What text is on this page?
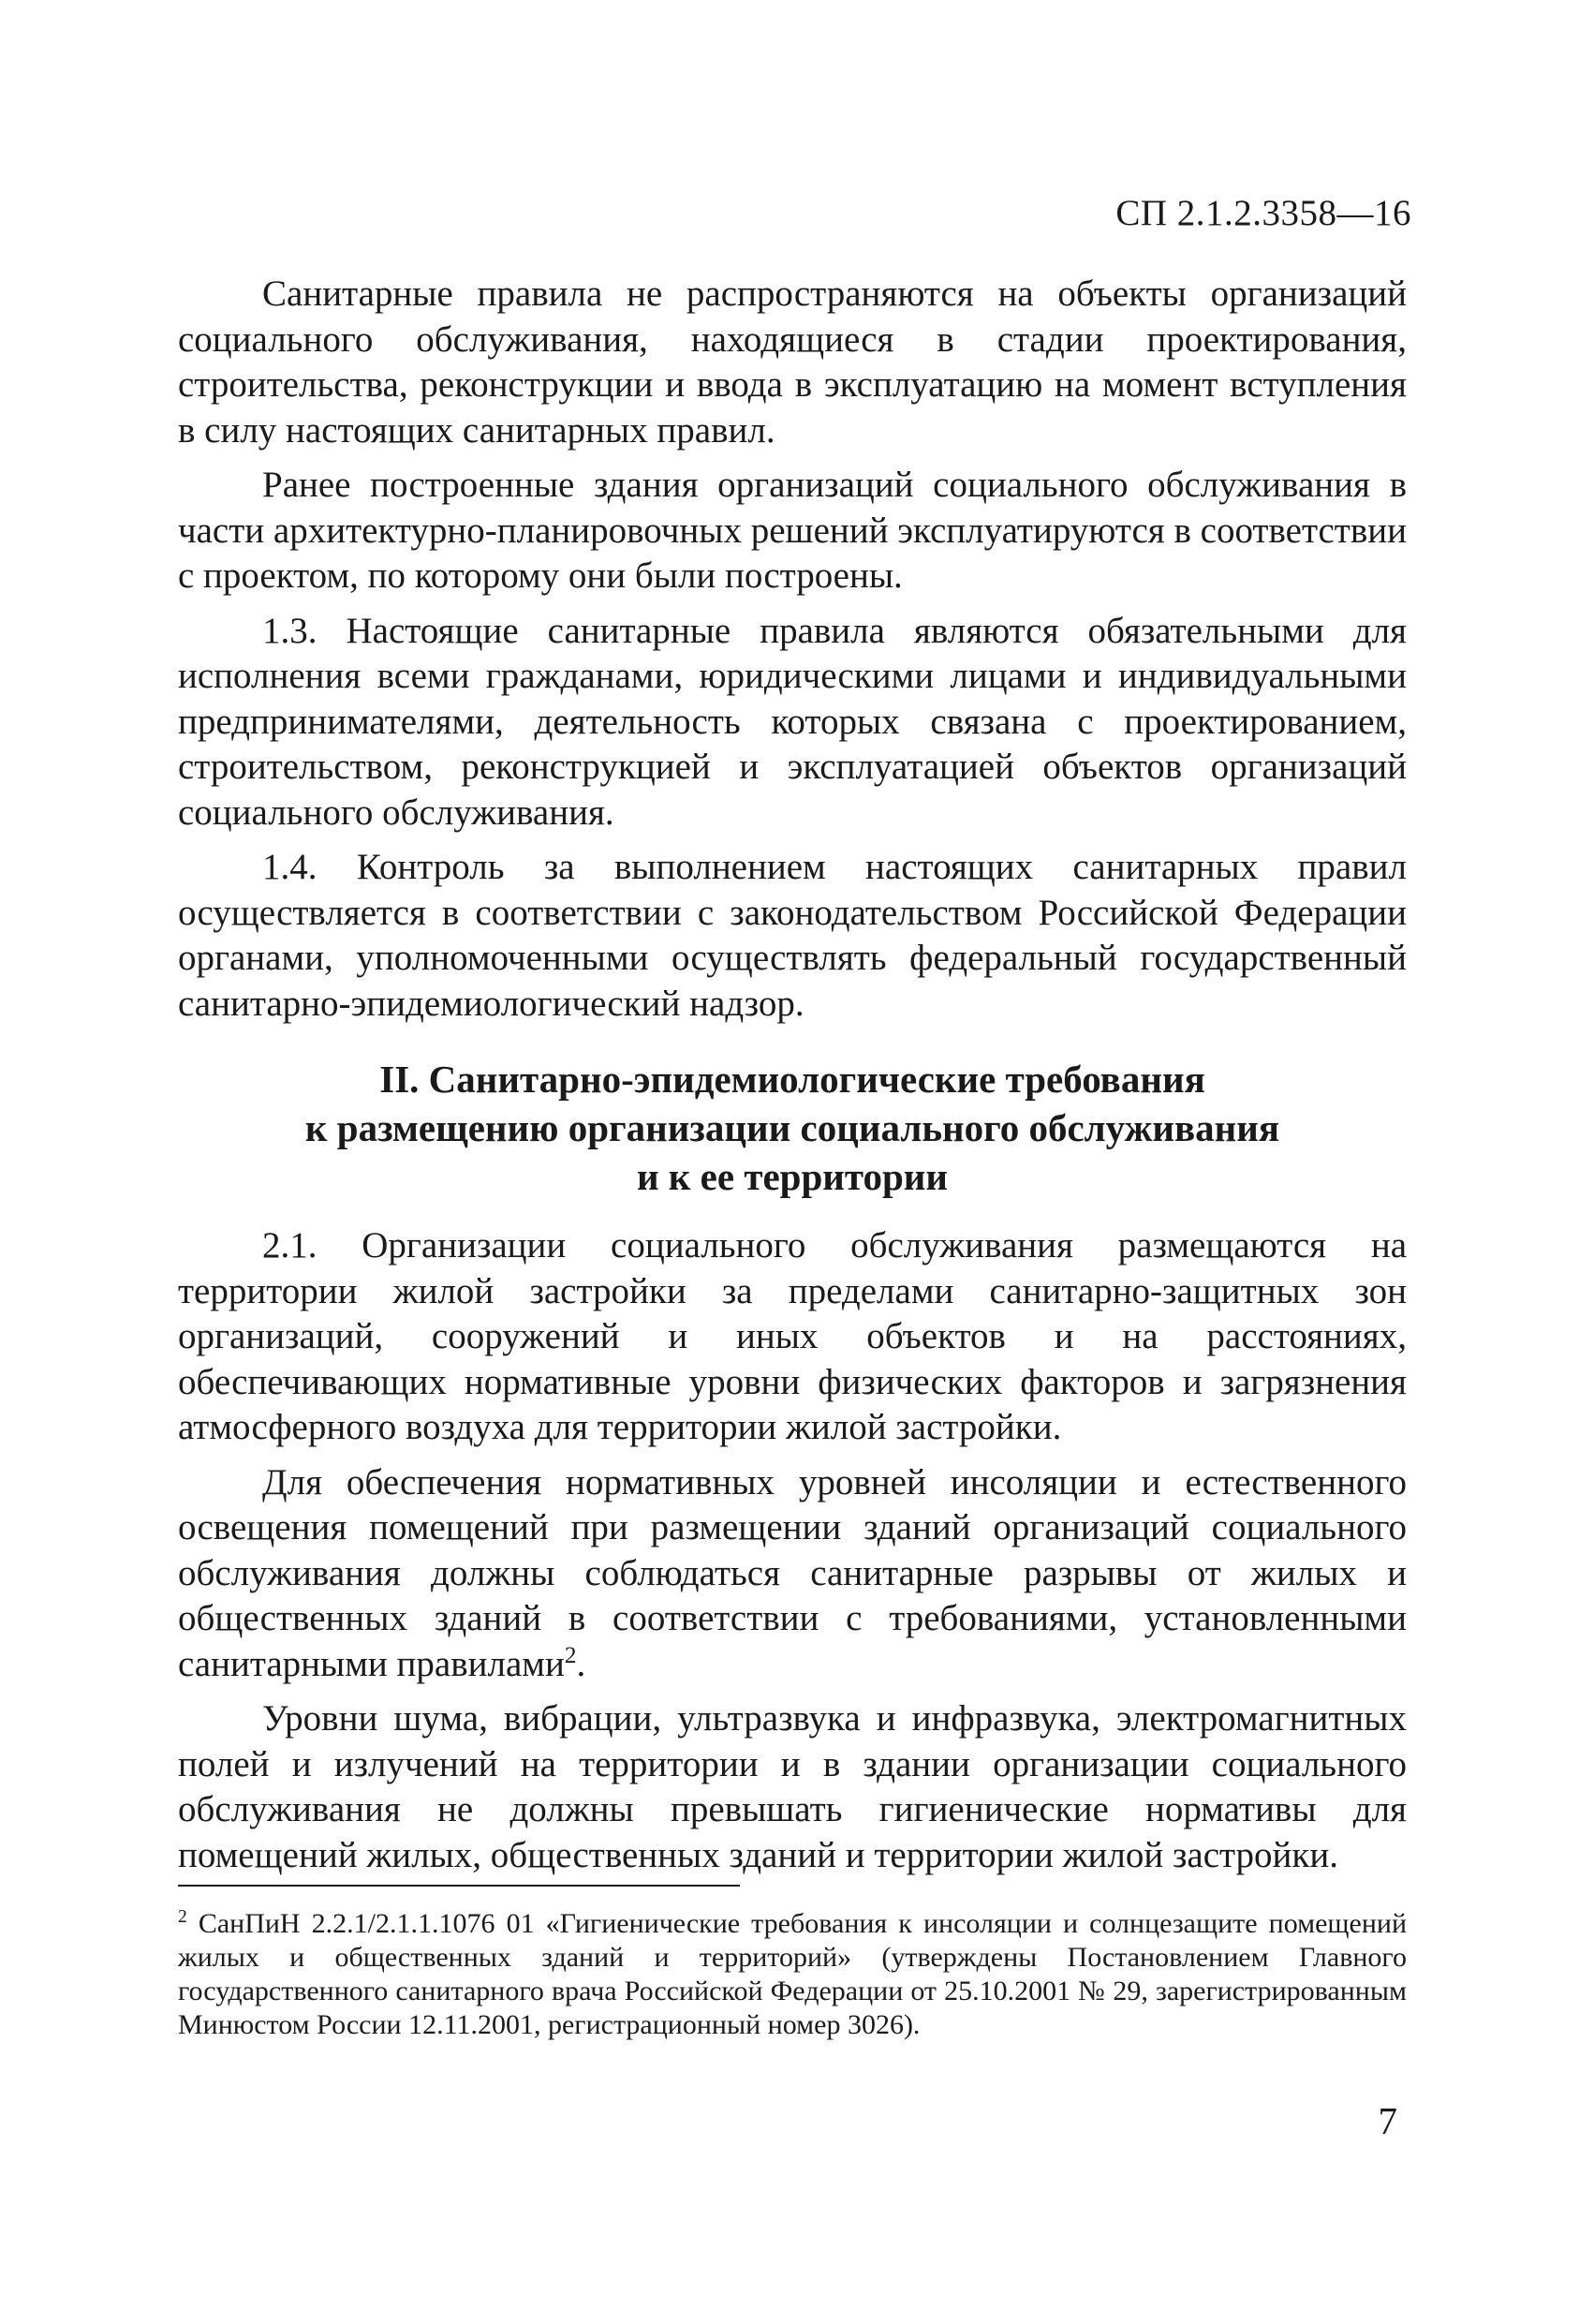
СП 2.1.2.3358—16

Санитарные правила не распространяются на объекты организаций социального обслуживания, находящиеся в стадии проектирования, строительства, реконструкции и ввода в эксплуатацию на момент вступления в силу настоящих санитарных правил.

Ранее построенные здания организаций социального обслуживания в части архитектурно-планировочных решений эксплуатируются в соответствии с проектом, по которому они были построены.

1.3. Настоящие санитарные правила являются обязательными для исполнения всеми гражданами, юридическими лицами и индивидуальными предпринимателями, деятельность которых связана с проектированием, строительством, реконструкцией и эксплуатацией объектов организаций социального обслуживания.

1.4. Контроль за выполнением настоящих санитарных правил осуществляется в соответствии с законодательством Российской Федерации органами, уполномоченными осуществлять федеральный государственный санитарно-эпидемиологический надзор.

II. Санитарно-эпидемиологические требования
к размещению организации социального обслуживания
и к ее территории

2.1. Организации социального обслуживания размещаются на территории жилой застройки за пределами санитарно-защитных зон организаций, сооружений и иных объектов и на расстояниях, обеспечивающих нормативные уровни физических факторов и загрязнения атмосферного воздуха для территории жилой застройки.

Для обеспечения нормативных уровней инсоляции и естественного освещения помещений при размещении зданий организаций социального обслуживания должны соблюдаться санитарные разрывы от жилых и общественных зданий в соответствии с требованиями, установленными санитарными правилами$^2$.

Уровни шума, вибрации, ультразвука и инфразвука, электромагнитных полей и излучений на территории и в здании организации социального обслуживания не должны превышать гигиенические нормативы для помещений жилых, общественных зданий и территории жилой застройки.

$^2$ СанПиН 2.2.1/2.1.1.1076 01 «Гигиенические требования к инсоляции и солнцезащите помещений жилых и общественных зданий и территорий» (утверждены Постановлением Главного государственного санитарного врача Российской Федерации от 25.10.2001 № 29, зарегистрированным Минюстом России 12.11.2001, регистрационный номер 3026).
7
